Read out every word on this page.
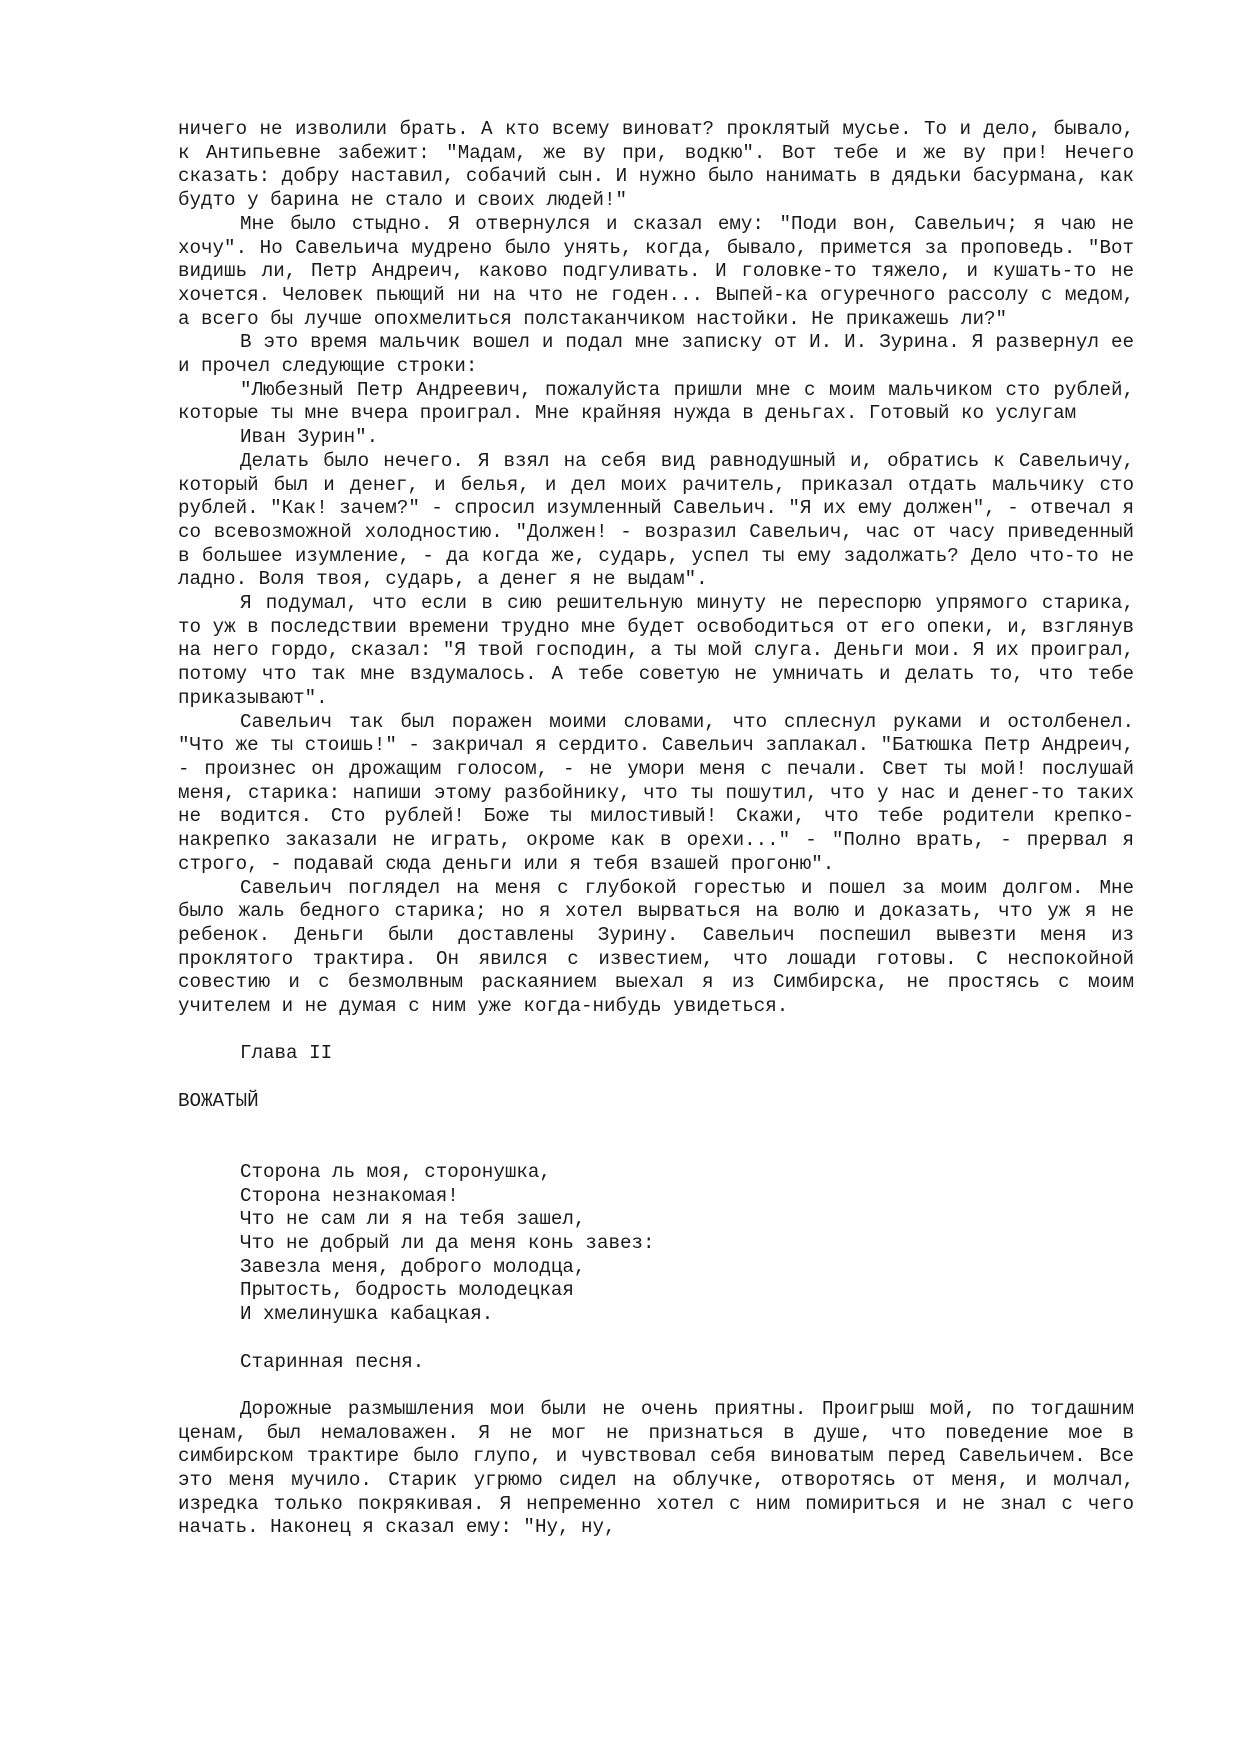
ничего не изволили брать. А кто всему виноват? проклятый мусье. То и дело, бывало, к Антипьевне забежит: "Мадам, же ву при, водкю". Вот тебе и же ву при! Нечего сказать: добру наставил, собачий сын. И нужно было нанимать в дядьки басурмана, как будто у барина не стало и своих людей!"

Мне было стыдно. Я отвернулся и сказал ему: "Поди вон, Савельич; я чаю не хочу". Но Савельича мудрено было унять, когда, бывало, примется за проповедь. "Вот видишь ли, Петр Андреич, каково подгуливать. И головке-то тяжело, и кушать-то не хочется. Человек пьющий ни на что не годен... Выпей-ка огуречного рассолу с медом, а всего бы лучше опохмелиться полстаканчиком настойки. Не прикажешь ли?"

В это время мальчик вошел и подал мне записку от И. И. Зурина. Я развернул ее и прочел следующие строки:

"Любезный Петр Андреевич, пожалуйста пришли мне с моим мальчиком сто рублей, которые ты мне вчера проиграл. Мне крайняя нужда в деньгах. Готовый ко услугам

Иван Зурин".

Делать было нечего. Я взял на себя вид равнодушный и, обратись к Савельичу, который был и денег, и белья, и дел моих рачитель, приказал отдать мальчику сто рублей. "Как! зачем?" - спросил изумленный Савельич. "Я их ему должен", - отвечал я со всевозможной холодностию. "Должен! - возразил Савельич, час от часу приведенный в большее изумление, - да когда же, сударь, успел ты ему задолжать? Дело что-то не ладно. Воля твоя, сударь, а денег я не выдам".

Я подумал, что если в сию решительную минуту не переспорю упрямого старика, то уж в последствии времени трудно мне будет освободиться от его опеки, и, взглянув на него гордо, сказал: "Я твой господин, а ты мой слуга. Деньги мои. Я их проиграл, потому что так мне вздумалось. А тебе советую не умничать и делать то, что тебе приказывают".

Савельич так был поражен моими словами, что сплеснул руками и остолбенел. "Что же ты стоишь!" - закричал я сердито. Савельич заплакал. "Батюшка Петр Андреич, - произнес он дрожащим голосом, - не умори меня с печали. Свет ты мой! послушай меня, старика: напиши этому разбойнику, что ты пошутил, что у нас и денег-то таких не водится. Сто рублей! Боже ты милостивый! Скажи, что тебе родители крепко-накрепко заказали не играть, окроме как в орехи..." - "Полно врать, - прервал я строго, - подавай сюда деньги или я тебя взашей прогоню".

Савельич поглядел на меня с глубокой горестью и пошел за моим долгом. Мне было жаль бедного старика; но я хотел вырваться на волю и доказать, что уж я не ребенок. Деньги были доставлены Зурину. Савельич поспешил вывезти меня из проклятого трактира. Он явился с известием, что лошади готовы. С неспокойной совестию и с безмолвным раскаянием выехал я из Симбирска, не простясь с моим учителем и не думая с ним уже когда-нибудь увидеться.

Глава II

ВОЖАТЫЙ

Сторона ль моя, сторонушка,

Сторона незнакомая!

Что не сам ли я на тебя зашел,

Что не добрый ли да меня конь завез:

Завезла меня, доброго молодца,

Прытость, бодрость молодецкая

И хмелинушка кабацкая.

Старинная песня.

Дорожные размышления мои были не очень приятны. Проигрыш мой, по тогдашним ценам, был немаловажен. Я не мог не признаться в душе, что поведение мое в симбирском трактире было глупо, и чувствовал себя виноватым перед Савельичем. Все это меня мучило. Старик угрюмо сидел на облучке, отворотясь от меня, и молчал, изредка только покрякивая. Я непременно хотел с ним помириться и не знал с чего начать. Наконец я сказал ему: "Ну, ну,
